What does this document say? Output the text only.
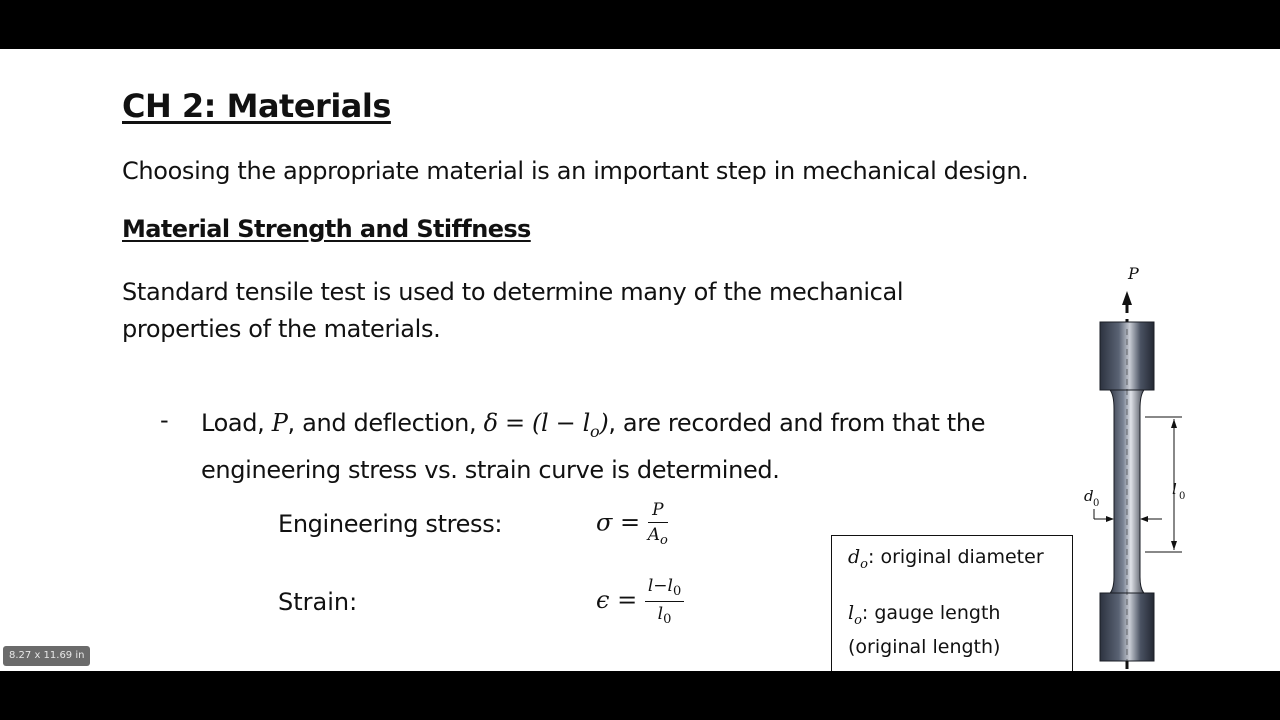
CH 2: Materials
Choosing the appropriate material is an important step in mechanical design.
Material Strength and Stiffness
Standard tensile test is used to determine many of the mechanical
properties of the materials.
- Load, P, and deflection, $\delta = (l - l_o)$, are recorded and from that the
engineering stress vs. strain curve is determined.
Engineering stress:	$\sigma = \frac{P}{A_o}$
Strain:	$\epsilon = \frac{l-l_0}{l_0}$
$d_o$: original diameter
$l_o$: gauge length
(original length)
P
l 0
d 0
8.27 x 11.69 in
